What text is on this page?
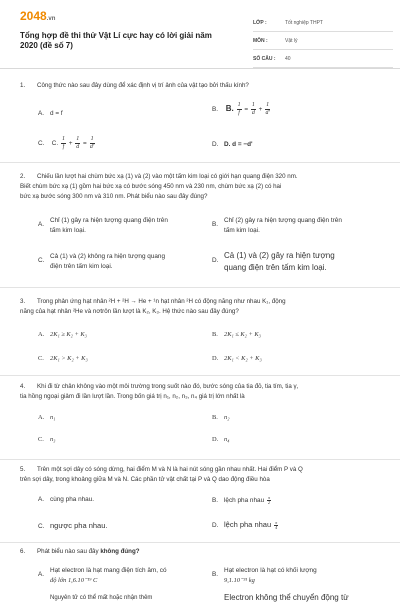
2048.vn
Tổng hợp đề thi thử Vật Lí cực hay có lời giải năm 2020 (đề số 7)
LỚP :	Tốt nghiệp THPT
MÔN :	Vật lý
SỐ CÂU :	40
1. Công thức nào sau đây dùng để xác định vị trí ảnh của vật tạo bởi thấu kính?
A. d = f
B. B. $\frac{1}{f} = \frac{1}{d} + \frac{1}{d'}$
C. C. $\frac{1}{f} + \frac{1}{d} = \frac{1}{d'}$	D. D. d = −d'
2. Chiếu lần lượt hai chùm bức xạ (1) và (2) vào một tấm kim loại có giới hạn quang điện 320 nm.
Biết chùm bức xạ (1) gồm hai bức xạ có bước sóng 450 nm và 230 nm, chùm bức xạ (2) có hai
bức xạ bước sóng 300 nm và 310 nm. Phát biểu nào sau đây đúng?
A.
Chỉ (1) gây ra hiện tượng quang điện trên
tấm kim loại.
B.
Chỉ (2) gây ra hiện tượng quang điện trên
tấm kim loại.
C.
Cả (1) và (2) không ra hiện tượng quang
điện trên tấm kim loại.
D.
Cả (1) và (2) gây ra hiện tượng
quang điện trên tấm kim loại.
3. Trong phản ứng hạt nhân ²H + ²H → He + ¹n hạt nhân ²H có động năng như nhau K₁, động
năng của hạt nhân ²He và nơtrôn lần lượt là K₂, K₃. Hệ thức nào sau đây đúng?
A. 2K₁ ≥ K₂ + K₃	B. 2K₁ ≤ K₂ + K₃
C. 2K₁ > K₂ + K₃	D. 2K₁ < K₂ + K₃
4. Khi đi từ chân không vào một môi trường trong suốt nào đó, bước sóng của tia đỏ, tia tím, tia γ,
tia hồng ngoại giảm đi lần lượt lần. Trong bốn giá trị n₁, n₂, n₃, n₄ giá trị lớn nhất là
A. n₁	B. n₂
C. n₃	D. n₄
5. Trên một sợi dây có sóng dừng, hai điểm M và N là hai nút sóng gần nhau nhất. Hai điểm P và Q
trên sợi dây, trong khoảng giữa M và N. Các phần tử vật chất tại P và Q dao động điều hòa
A. cùng pha nhau.	B. lệch pha nhau $\frac{\pi}{2}$
C. ngược pha nhau.	D. lệch pha nhau $\frac{\pi}{4}$
6. Phát biểu nào sau đây không đúng?
A.
Hạt electron là hạt mang điện tích âm, có
độ lớn 1,6.10⁻¹⁹ C
B.
Hạt electron là hạt có khối lượng
9,1.10⁻³¹ kg
Nguyên tử có thể mất hoặc nhận thêm	Electron không thể chuyển động từ
